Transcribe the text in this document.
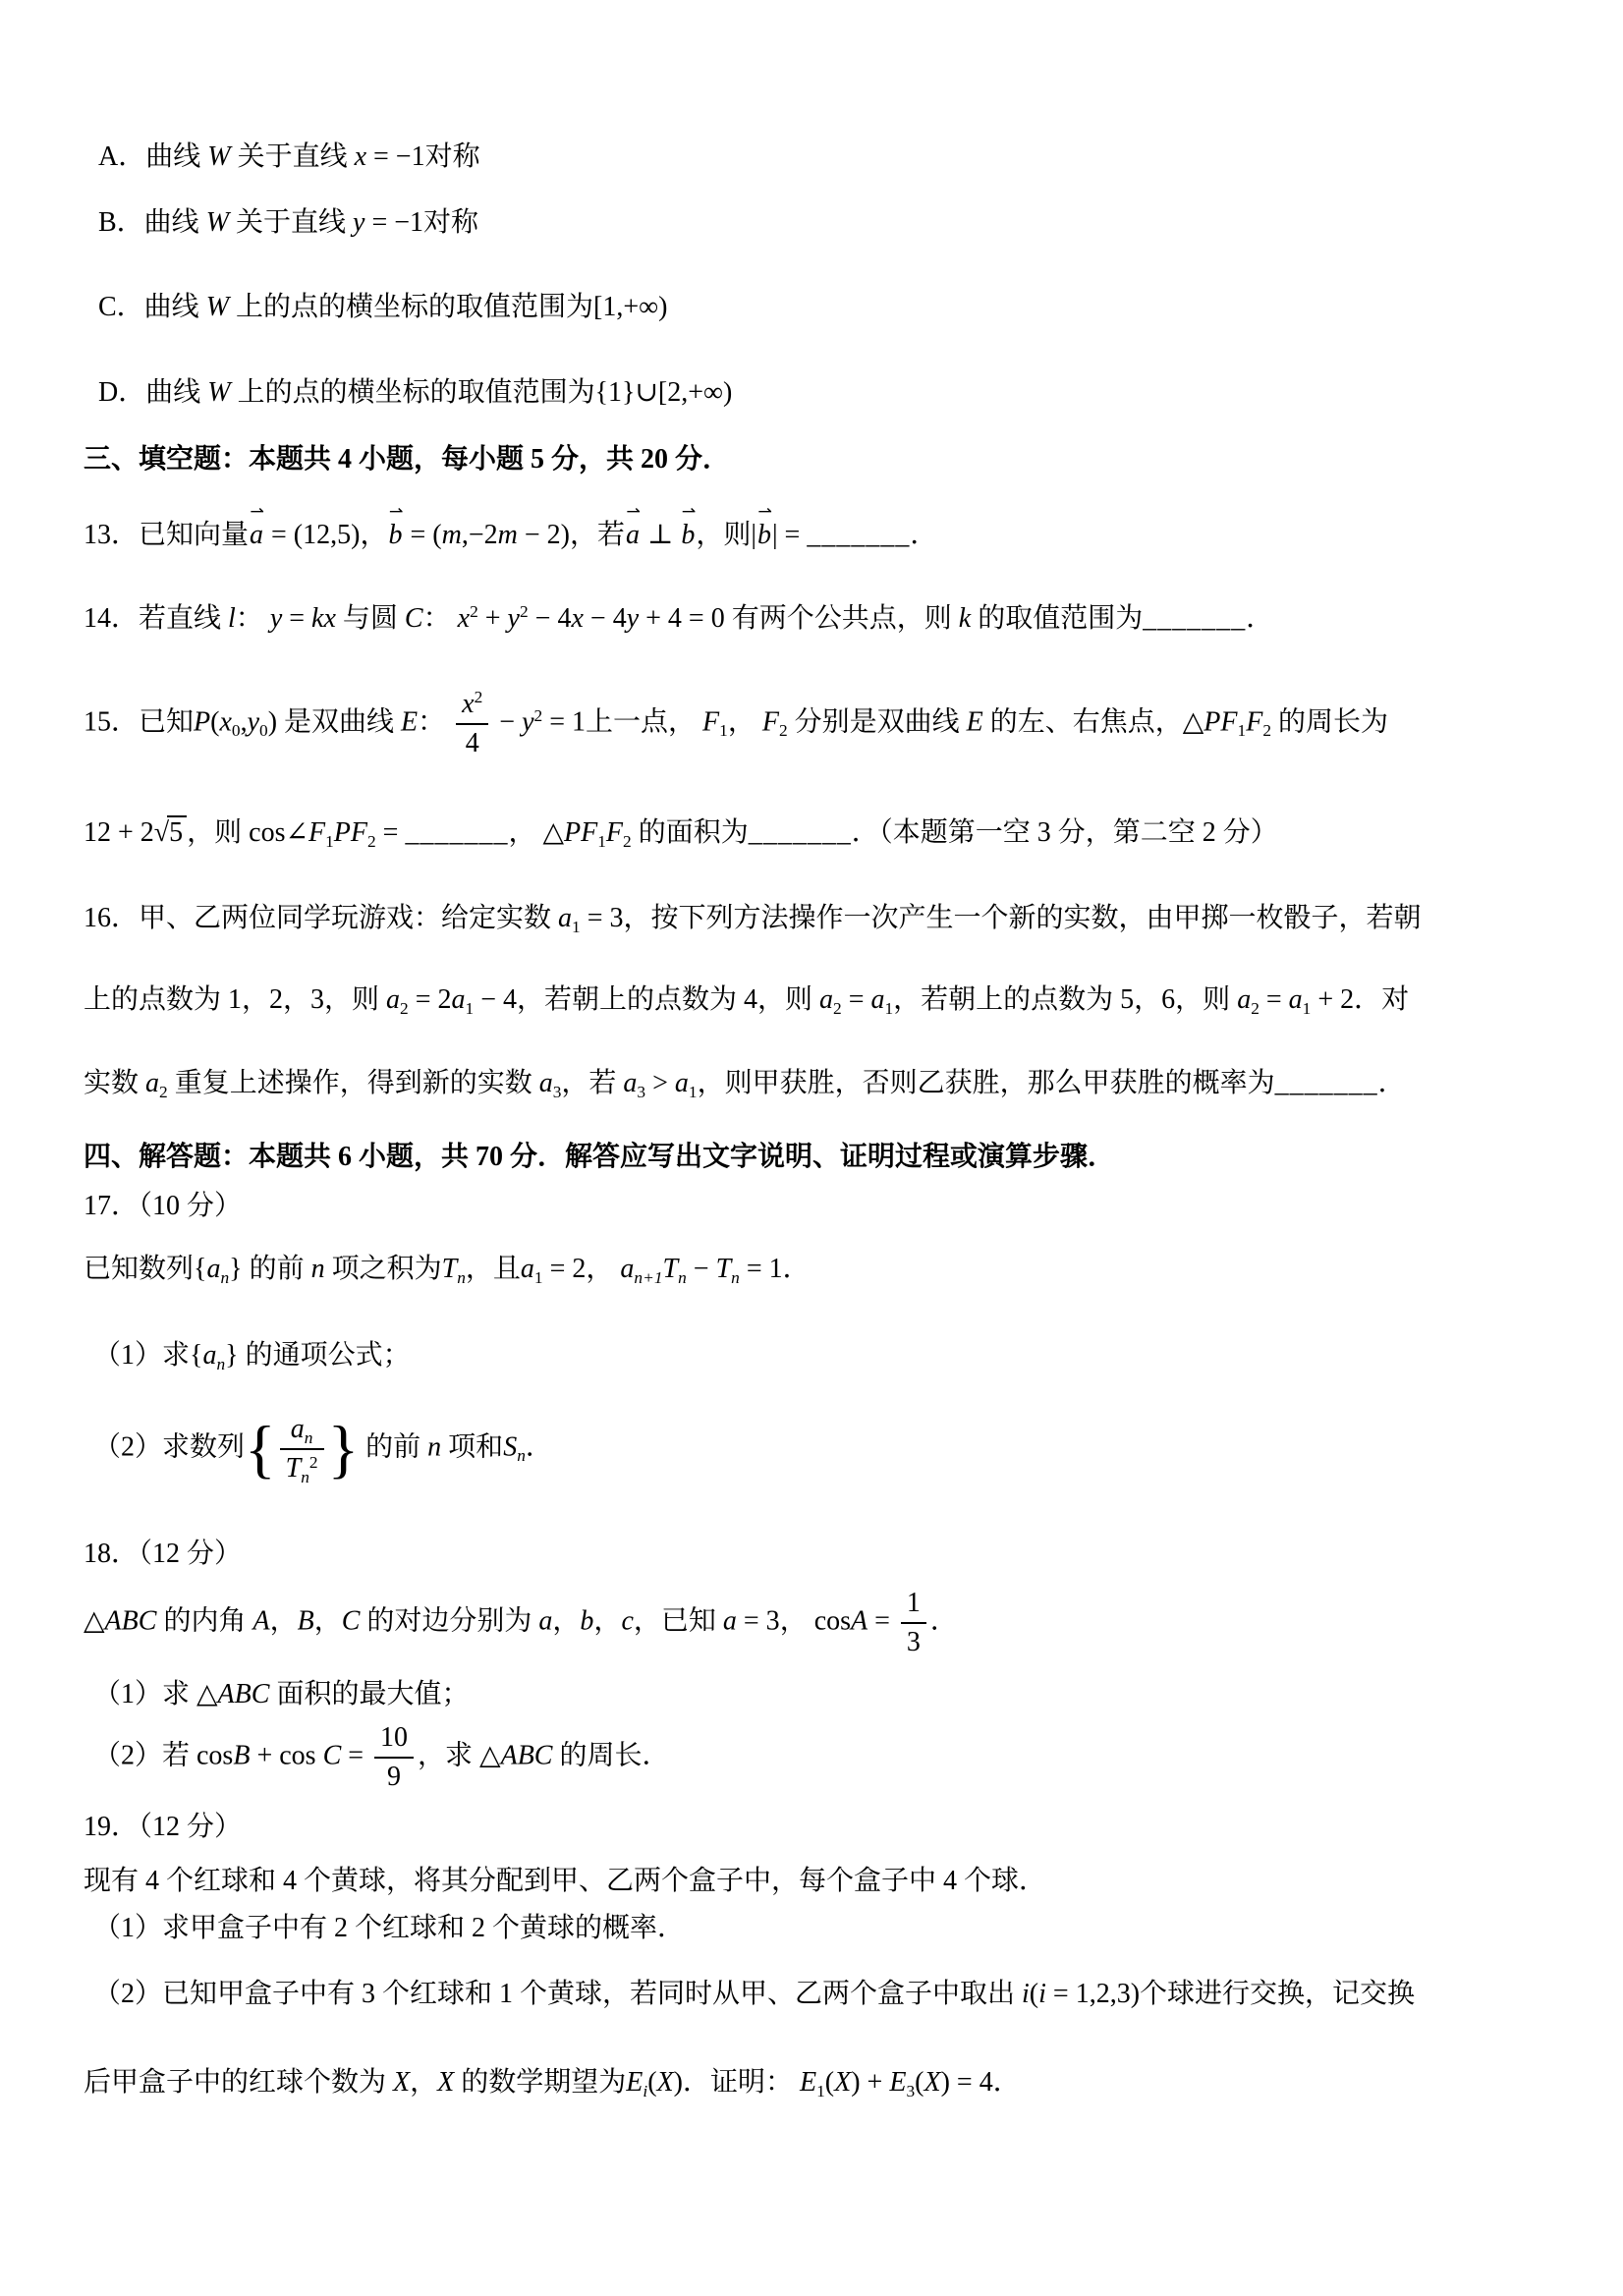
A．曲线 W 关于直线 x = −1对称
B．曲线 W 关于直线 y = −1对称
C．曲线 W 上的点的横坐标的取值范围为[1,+∞)
D．曲线 W 上的点的横坐标的取值范围为{1}∪[2,+∞)
三、填空题：本题共 4 小题，每小题 5 分，共 20 分．
13．已知向量
⇀
a = (12,5)，
⇀
b = (m,−2m − 2)，若
⇀
a ⊥
⇀
b，则|
⇀
b| = _______．
14．若直线 l： y = kx 与圆 C： $x^2 + y^2 - 4x - 4y + 4 = 0$ 有两个公共点，则 k 的取值范围为_______．
15．已知$P(x_0,y_0)$ 是双曲线 E： $\frac{x^2}{4} - y^2 = 1$上一点， $F_1$， $F_2$ 分别是双曲线 E 的左、右焦点，$\triangle PF_1F_2$ 的周长为
12 + 2√5 ，则 $\cos\angle F_1PF_2$ = _______， $\triangle PF_1F_2$ 的面积为_______．（本题第一空 3 分，第二空 2 分）
16．甲、乙两位同学玩游戏：给定实数 $a_1 = 3$，按下列方法操作一次产生一个新的实数，由甲掷一枚骰子，若朝
上的点数为 1，2，3，则 $a_2 = 2a_1 - 4$，若朝上的点数为 4，则 $a_2 = a_1$，若朝上的点数为 5，6，则 $a_2 = a_1 + 2$．对
实数 $a_2$ 重复上述操作，得到新的实数 $a_3$，若 $a_3 > a_1$，则甲获胜，否则乙获胜，那么甲获胜的概率为_______．
四、解答题：本题共 6 小题，共 70 分．解答应写出文字说明、证明过程或演算步骤．
17．（10 分）
已知数列$\{a_n\}$ 的前 n 项之积为$T_n$，且$a_1 = 2$， $a_{n+1}T_n - T_n = 1$．
（1）求$\{a_n\}$ 的通项公式；
（2）求数列{ $\frac{a_n}{T_n^2}$ } 的前 n 项和$S_n$．
18．（12 分）
△ABC 的内角 A，B，C 的对边分别为 a，b，c，已知 a = 3， $\cos A = \frac{1}{3}$ ．
（1）求 △ABC 面积的最大值；
（2）若 $\cos B + \cos C = \frac{10}{9}$ ，求 △ABC 的周长．
19．（12 分）
现有 4 个红球和 4 个黄球，将其分配到甲、乙两个盒子中，每个盒子中 4 个球．
（1）求甲盒子中有 2 个红球和 2 个黄球的概率．
（2）已知甲盒子中有 3 个红球和 1 个黄球，若同时从甲、乙两个盒子中取出 i(i = 1,2,3)个球进行交换，记交换
后甲盒子中的红球个数为 X，X 的数学期望为$E_i(X)$．证明： $E_1(X) + E_3(X) = 4$．
